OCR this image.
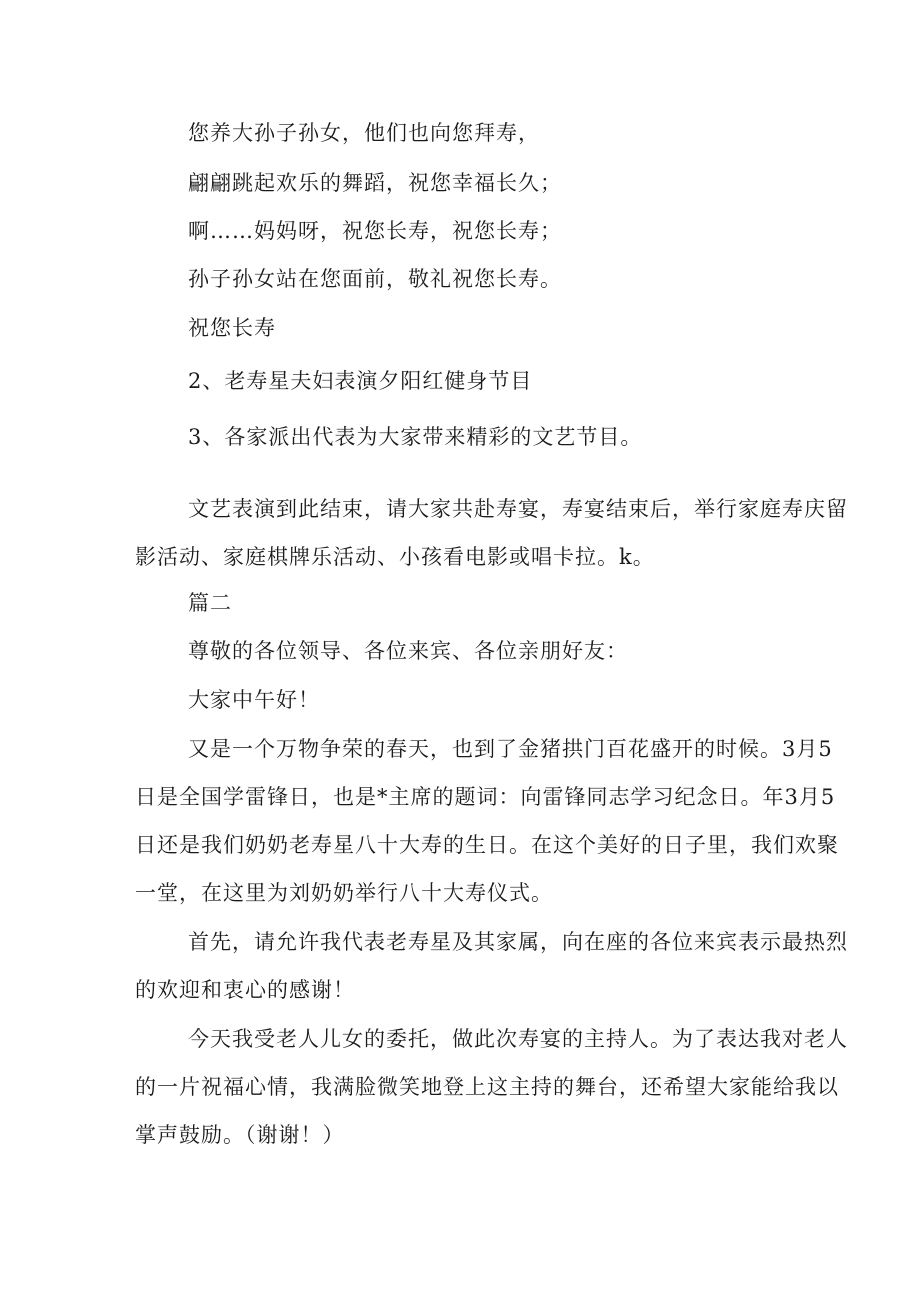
您养大孙子孙女，他们也向您拜寿，
翩翩跳起欢乐的舞蹈，祝您幸福长久；
啊……妈妈呀，祝您长寿，祝您长寿；
孙子孙女站在您面前，敬礼祝您长寿。
祝您长寿
2、老寿星夫妇表演夕阳红健身节目
3、各家派出代表为大家带来精彩的文艺节目。
文艺表演到此结束，请大家共赴寿宴，寿宴结束后，举行家庭寿庆留
影活动、家庭棋牌乐活动、小孩看电影或唱卡拉。k。
篇二
尊敬的各位领导、各位来宾、各位亲朋好友：
大家中午好！
又是一个万物争荣的春天，也到了金猪拱门百花盛开的时候。3月5
日是全国学雷锋日，也是*主席的题词：向雷锋同志学习纪念日。年3月5
日还是我们奶奶老寿星八十大寿的生日。在这个美好的日子里，我们欢聚
一堂，在这里为刘奶奶举行八十大寿仪式。
首先，请允许我代表老寿星及其家属，向在座的各位来宾表示最热烈
的欢迎和衷心的感谢！
今天我受老人儿女的委托，做此次寿宴的主持人。为了表达我对老人
的一片祝福心情，我满脸微笑地登上这主持的舞台，还希望大家能给我以
掌声鼓励。（谢谢！）
